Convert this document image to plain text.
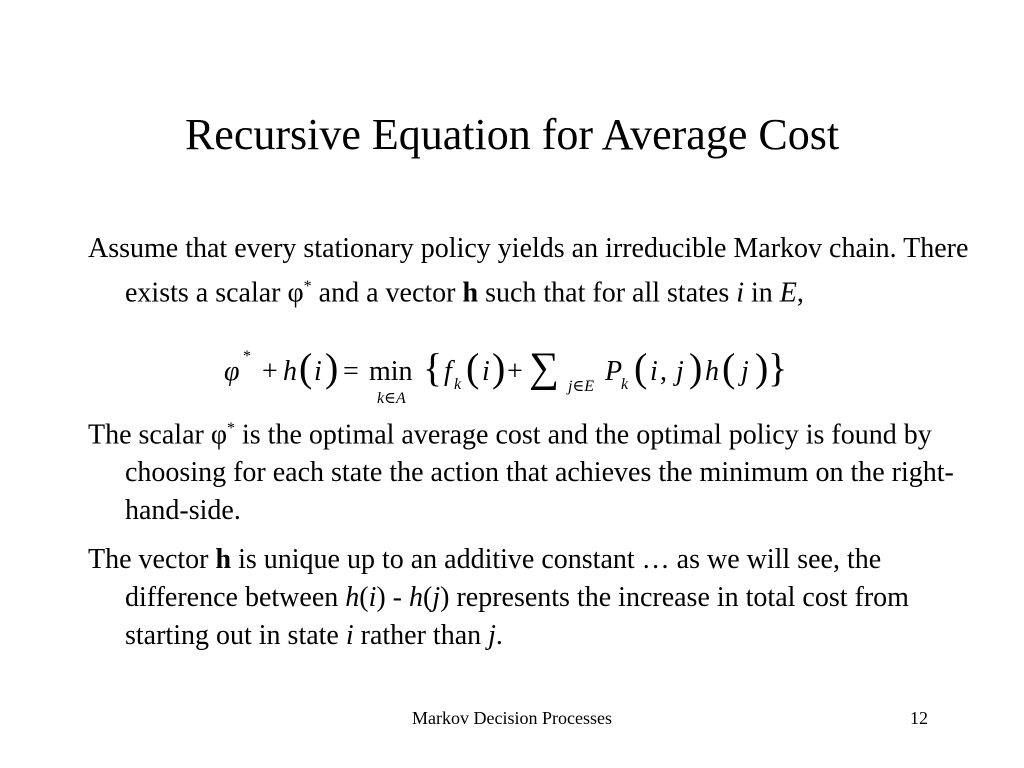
Recursive Equation for Average Cost
Assume that every stationary policy yields an irreducible Markov chain. There exists a scalar φ* and a vector h such that for all states i in E,
φ * + h ( i ) = min
k∈A
{ f k ( i ) + ∑ j∈E P
k ( i , j ) h ( j ) }
The scalar φ* is the optimal average cost and the optimal policy is found by choosing for each state the action that achieves the minimum on the right-hand-side.
The vector h is unique up to an additive constant … as we will see, the difference between h(i) - h(j) represents the increase in total cost from starting out in state i rather than j.
Markov Decision Processes	12
